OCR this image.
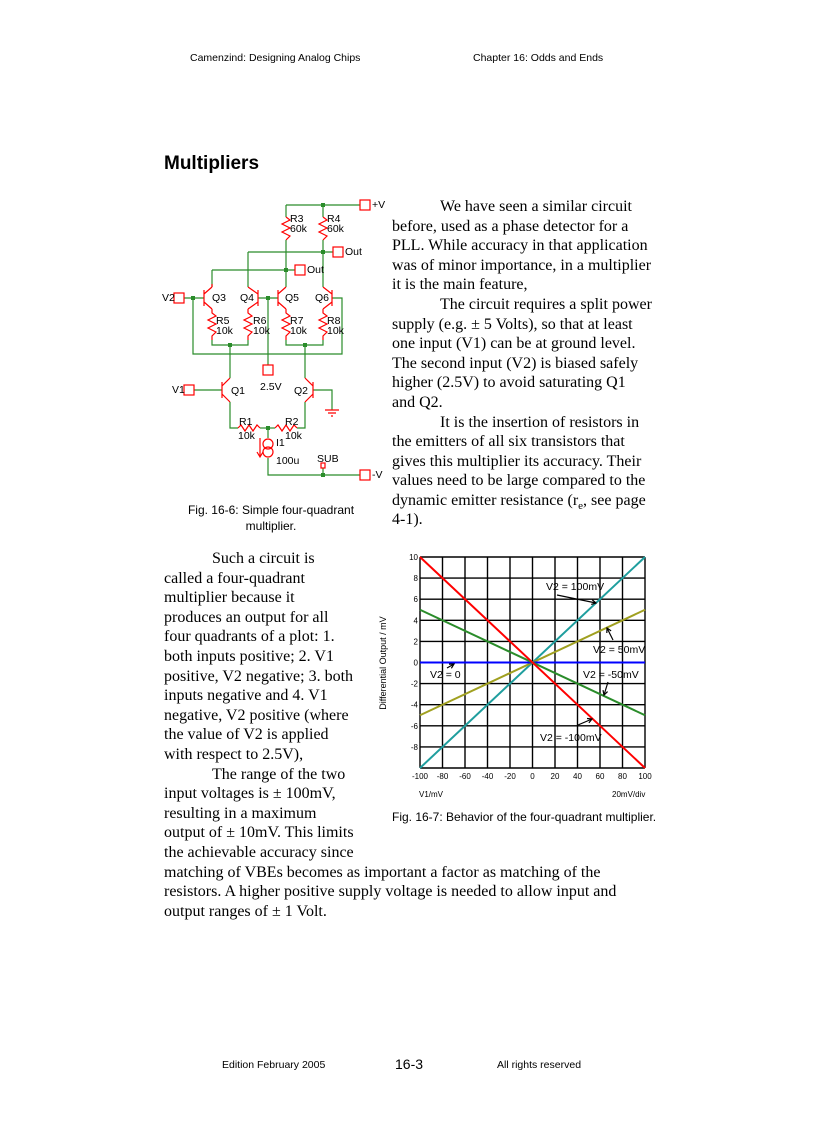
Camenzind: Designing Analog Chips	Chapter 16: Odds and Ends
Multipliers
+V
-V
Out
Out
V2
V1	2.5V
SUB
Q3 Q4	Q5 Q6
Q1	Q2
R3
60k
R4
60k
R5
10k
R6
10k
R7
10k
R8
10k
R1
10k
R2
10k
I1
100u
Fig. 16-6: Simple four-quadrant
multiplier.
We have seen a similar circuit
before, used as a phase detector for a
PLL. While accuracy in that application
was of minor importance, in a multiplier
it is the main feature,
The circuit requires a split power
supply (e.g. ± 5 Volts), so that at least
one input (V1) can be at ground level.
The second input (V2) is biased safely
higher (2.5V) to avoid saturating Q1
and Q2.
It is the insertion of resistors in
the emitters of all six transistors that
gives this multiplier its accuracy. Their
values need to be large compared to the
dynamic emitter resistance ($r_e$, see page
4-1).
Such a circuit is
called a four-quadrant
multiplier because it
produces an output for all
four quadrants of a plot: 1.
both inputs positive; 2. V1
positive, V2 negative; 3. both
inputs negative and 4. V1
negative, V2 positive (where
the value of V2 is applied
with respect to 2.5V),
The range of the two
input voltages is ± 100mV,
resulting in a maximum
output of ± 10mV. This limits
the achievable accuracy since
matching of VBEs becomes as important a factor as matching of the
resistors. A higher positive supply voltage is needed to allow input and
output ranges of ± 1 Volt.
-100 -80 -60 -40 -20 0 20 40 60 80 100
-8
-6
-4
-2
0
2
4
6
8
10
V2 = 100mV
V2 = 50mV
V2 = 0	V2 = -50mV
V2 = -100mV
Differential Output / mV
V1/mV	20mV/div
Fig. 16-7: Behavior of the four-quadrant multiplier.
Edition February 2005	16-3	All rights reserved
